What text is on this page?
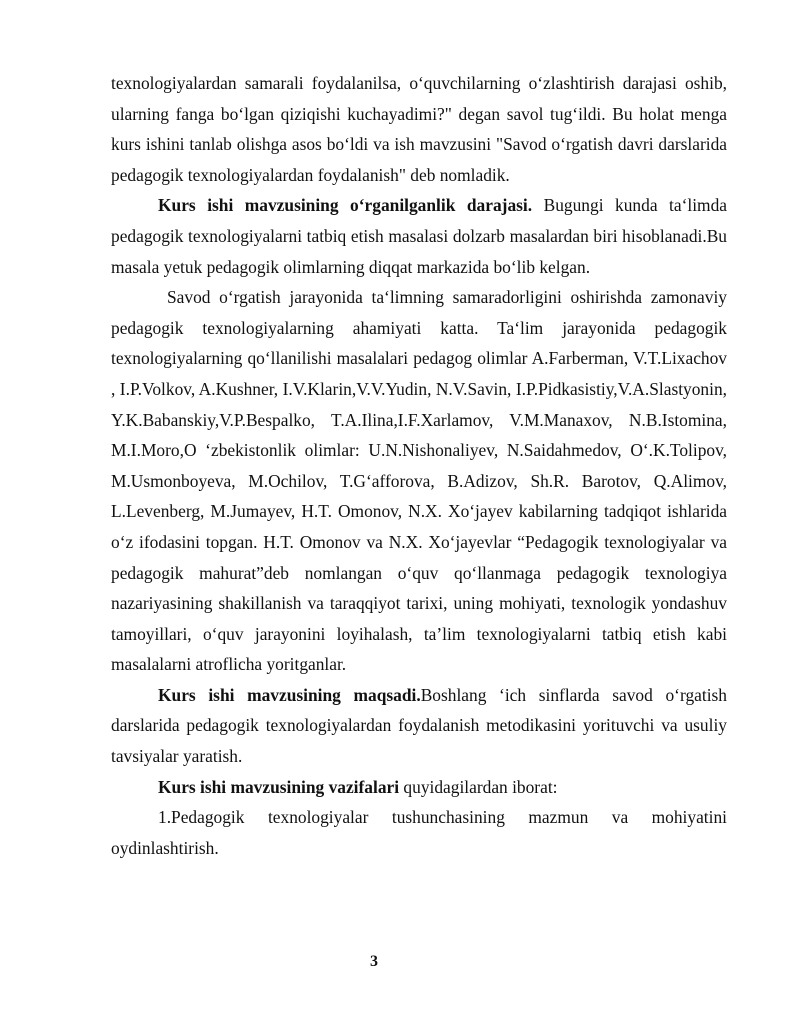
texnologiyalardan samarali foydalanilsa, o‘quvchilarning o‘zlashtirish darajasi oshib, ularning fanga bo‘lgan qiziqishi kuchayadimi?" degan savol tug‘ildi. Bu holat menga kurs ishini tanlab olishga asos bo‘ldi va ish mavzusini "Savod o‘rgatish davri darslarida pedagogik texnologiyalardan foydalanish" deb nomladik.

Kurs ishi mavzusining o‘rganilganlik darajasi. Bugungi kunda ta‘limda pedagogik texnologiyalarni tatbiq etish masalasi dolzarb masalardan biri hisoblanadi.Bu masala yetuk pedagogik olimlarning diqqat markazida bo‘lib kelgan.

Savod o‘rgatish jarayonida ta‘limning samaradorligini oshirishda zamonaviy pedagogik texnologiyalarning ahamiyati katta. Ta‘lim jarayonida pedagogik texnologiyalarning qo‘llanilishi masalalari pedagog olimlar A.Farberman, V.T.Lixachov , I.P.Volkov, A.Kushner, I.V.Klarin,V.V.Yudin, N.V.Savin, I.P.Pidkasistiy,V.A.Slastyonin, Y.K.Babanskiy,V.P.Bespalko, T.A.Ilina,I.F.Xarlamov, V.M.Manaxov, N.B.Istomina, M.I.Moro,O ‘zbekistonlik olimlar: U.N.Nishonaliyev, N.Saidahmedov, O‘.K.Tolipov, M.Usmonboyeva, M.Ochilov, T.G‘afforova, B.Adizov, Sh.R. Barotov, Q.Alimov, L.Levenberg, M.Jumayev, H.T. Omonov, N.X. Xo‘jayev kabilarning tadqiqot ishlarida o‘z ifodasini topgan. H.T. Omonov va N.X. Xo‘jayevlar “Pedagogik texnologiyalar va pedagogik mahurat”deb nomlangan o‘quv qo‘llanmaga pedagogik texnologiya nazariyasining shakillanish va taraqqiyot tarixi, uning mohiyati, texnologik yondashuv tamoyillari, o‘quv jarayonini loyihalash, ta’lim texnologiyalarni tatbiq etish kabi masalalarni atroflicha yoritganlar.

Kurs ishi mavzusining maqsadi.Boshlang ‘ich sinflarda savod o‘rgatish darslarida pedagogik texnologiyalardan foydalanish metodikasini yorituvchi va usuliy tavsiyalar yaratish.

Kurs ishi mavzusining vazifalari quyidagilardan iborat:

1.Pedagogik texnologiyalar tushunchasining mazmun va mohiyatini oydinlashtirish.

3
